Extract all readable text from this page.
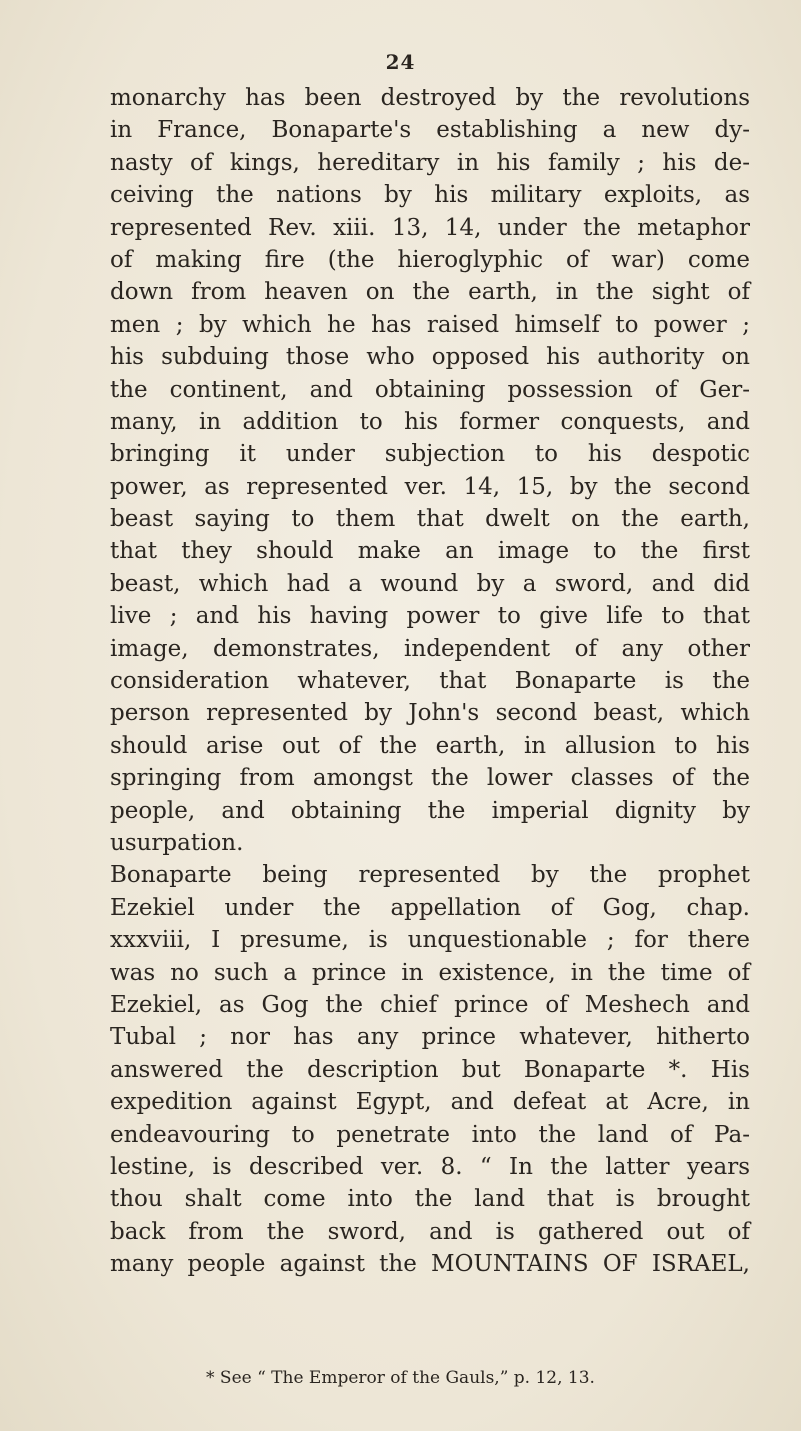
24
monarchy has been destroyed by the revolutions
in France, Bonaparte's establishing a new dy-
nasty of kings, hereditary in his family ; his de-
ceiving the nations by his military exploits, as
represented Rev. xiii. 13, 14, under the metaphor
of making fire (the hieroglyphic of war) come
down from heaven on the earth, in the sight of
men ; by which he has raised himself to power ;
his subduing those who opposed his authority on
the continent, and obtaining possession of Ger-
many, in addition to his former conquests, and
bringing it under subjection to his despotic
power, as represented ver. 14, 15, by the second
beast saying to them that dwelt on the earth,
that they should make an image to the first
beast, which had a wound by a sword, and did
live ; and his having power to give life to that
image, demonstrates, independent of any other
consideration whatever, that Bonaparte is the
person represented by John's second beast, which
should arise out of the earth, in allusion to his
springing from amongst the lower classes of the
people, and obtaining the imperial dignity by
usurpation.
Bonaparte being represented by the prophet
Ezekiel under the appellation of Gog, chap.
xxxviii, I presume, is unquestionable ; for there
was no such a prince in existence, in the time of
Ezekiel, as Gog the chief prince of Meshech and
Tubal ; nor has any prince whatever, hitherto
answered the description but Bonaparte *. His
expedition against Egypt, and defeat at Acre, in
endeavouring to penetrate into the land of Pa-
lestine, is described ver. 8. “ In the latter years
thou shalt come into the land that is brought
back from the sword, and is gathered out of
many people against the MOUNTAINS OF ISRAEL,
* See “ The Emperor of the Gauls,” p. 12, 13.
